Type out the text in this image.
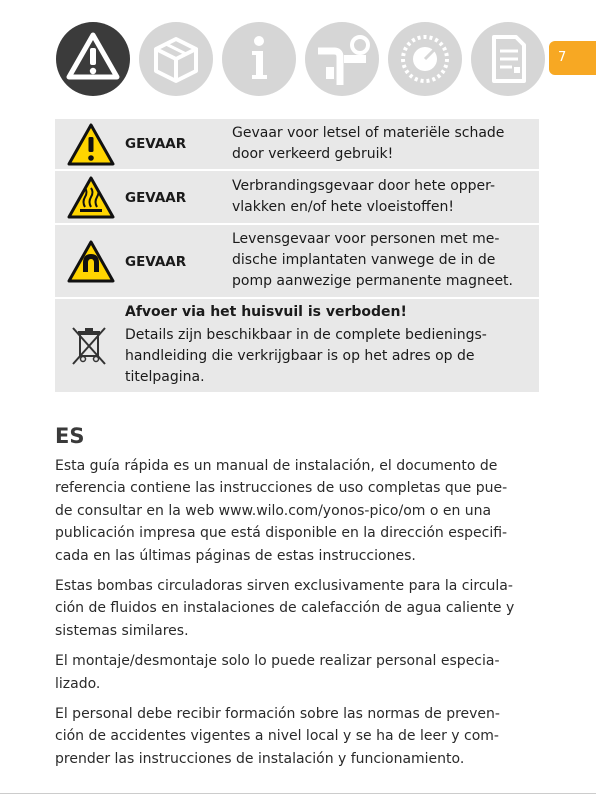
7
GEVAAR
Gevaar voor letsel of materiële schade
door verkeerd gebruik!
GEVAAR
Verbrandingsgevaar door hete opper-
vlakken en/of hete vloeistoffen!
GEVAAR
Levensgevaar voor personen met me-
dische implantaten vanwege de in de
pomp aanwezige permanente magneet.
Afvoer via het huisvuil is verboden!
Details zijn beschikbaar in de complete bedienings-
handleiding die verkrijgbaar is op het adres op de
titelpagina.
ES

Esta guía rápida es un manual de instalación, el documento de
referencia contiene las instrucciones de uso completas que pue-
de consultar en la web www.wilo.com/yonos-pico/om o en una
publicación impresa que está disponible en la dirección especifi-
cada en las últimas páginas de estas instrucciones.

Estas bombas circuladoras sirven exclusivamente para la circula-
ción de fluidos en instalaciones de calefacción de agua caliente y
sistemas similares.

El montaje/desmontaje solo lo puede realizar personal especia-
lizado.

El personal debe recibir formación sobre las normas de preven-
ción de accidentes vigentes a nivel local y se ha de leer y com-
prender las instrucciones de instalación y funcionamiento.
